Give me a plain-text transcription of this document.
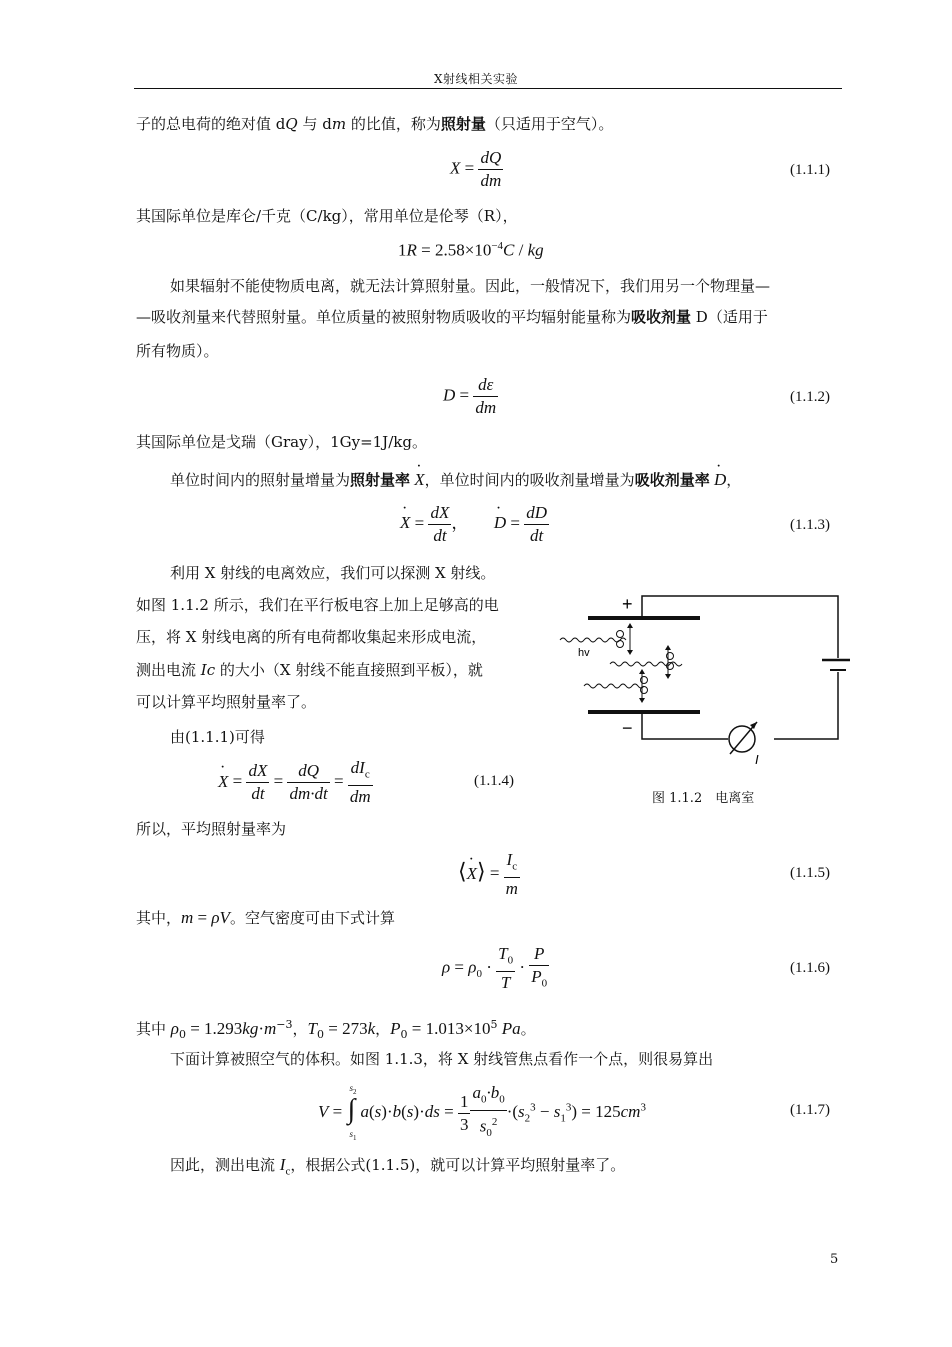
X射线相关实验
子的总电荷的绝对值 dQ 与 dm 的比值，称为照射量（只适用于空气）。
$X = \frac{dQ}{dm}$	(1.1.1)
其国际单位是库仑/千克（C/kg），常用单位是伦琴（R），
$1R = 2.58\times 10^{-4}C$ / kg
如果辐射不能使物质电离，就无法计算照射量。因此，一般情况下，我们用另一个物理量—
—吸收剂量来代替照射量。单位质量的被照射物质吸收的平均辐射能量称为吸收剂量 D（适用于
所有物质）。
$D = \frac{d\varepsilon}{dm}$	(1.1.2)
其国际单位是戈瑞（Gray），1Gy=1J/kg。
单位时间内的照射量增量为照射量率 · X，单位时间内的吸收剂量增量为吸收剂量率 · D，
· $X = \frac{dX}{dt}$ ，      · $D = \frac{dD}{dt}$	(1.1.3)
利用 X 射线的电离效应，我们可以探测 X 射线。
如图 1.1.2 所示，我们在平行板电容上加上足够高的电
压，将 X 射线电离的所有电荷都收集起来形成电流，
测出电流 Ic 的大小（X 射线不能直接照到平板），就
可以计算平均照射量率了。
由(1.1.1)可得
· $X = \frac{dX}{dt} = \frac{dQ}{dm\cdot dt} = \frac{dI_c}{dm}$	(1.1.4)
+
−
hv
I
图 1.1.2　电离室
所以，平均照射量率为
⟨· X⟩ = $\frac{I_c}{m}$	(1.1.5)
其中，m = ρV。空气密度可由下式计算
$\rho = \rho_0 \cdot \frac{T_0}{T} \cdot \frac{P}{P_0}$	(1.1.6)
其中 $\rho_0 = 1.293kg\cdot m^{-3}$，$T_0 = 273k$，$P_0 = 1.013\times 10^5$ Pa。
下面计算被照空气的体积。如图 1.1.3，将 X 射线管焦点看作一个点，则很易算出
V =
$s_2$
∫
$s_1$
$a(s)\cdot b(s)\cdot ds = \frac{1}{3} \frac{a_0\cdot b_0}{s_0^2} \cdot(s_2^3 - s_1^3) = 125cm^3$	(1.1.7)
因此，测出电流 $I_c$，根据公式(1.1.5)，就可以计算平均照射量率了。
5
